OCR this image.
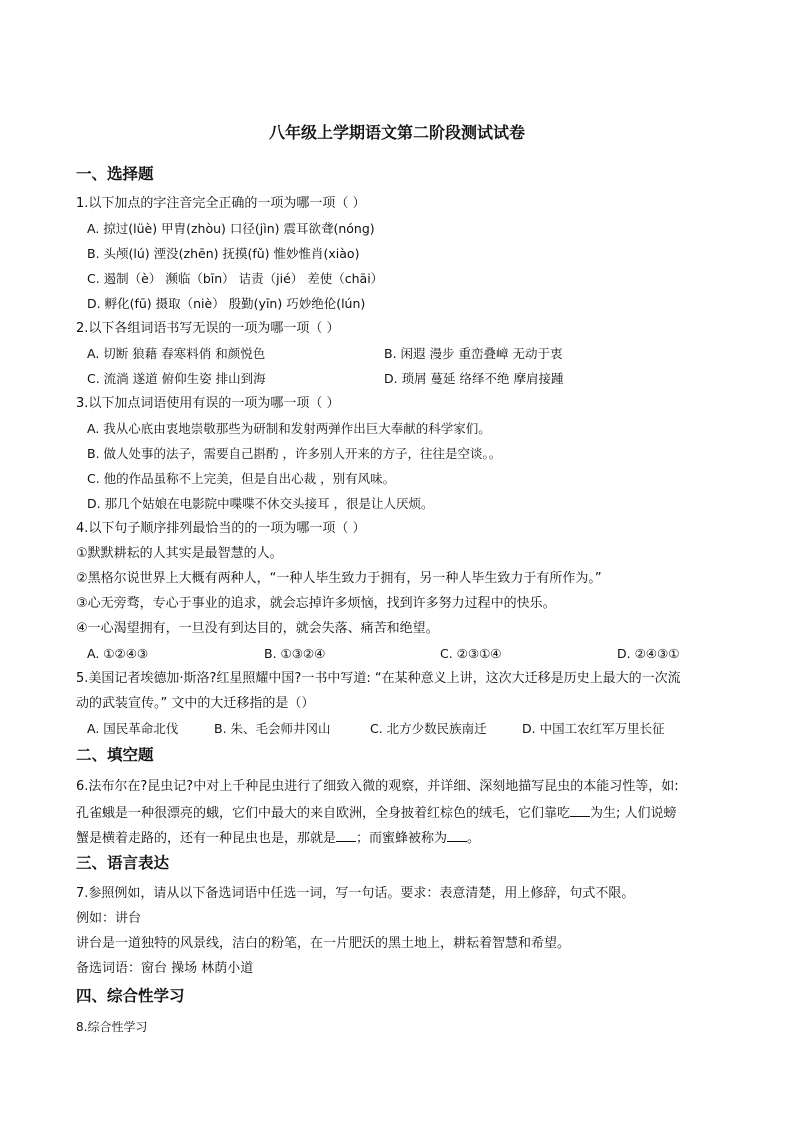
八年级上学期语文第二阶段测试试卷
一、选择题
1.以下加点的字注音完全正确的一项为哪一项（ ）
A. 掠过(lüè) 甲胄(zhòu) 口径(jìn) 震耳欲聋(nóng)
B. 头颅(lú) 湮没(zhēn) 抚摸(fǔ) 惟妙惟肖(xiào)
C. 遏制（è） 濒临（bīn） 诘责（jié） 差使（chāi）
D. 孵化(fū) 摄取（niè） 殷勤(yīn) 巧妙绝伦(lún)
2.以下各组词语书写无误的一项为哪一项（ ）
A. 切断 狼藉 春寒料俏 和颜悦色	B. 闲遐 漫步 重峦叠嶂 无动于衷
C. 流淌 遂道 俯仰生姿 排山到海	D. 琐屑 蔓延 络绎不绝 摩肩接踵
3.以下加点词语使用有误的一项为哪一项（ ）
A. 我从心底由衷地崇敬那些为研制和发射两弹作出巨大奉献的科学家们。
B. 做人处事的法子，需要自己斟酌 ，许多别人开来的方子，往往是空谈。。
C. 他的作品虽称不上完美，但是自出心裁 ，别有风味。
D. 那几个姑娘在电影院中喋喋不休交头接耳 ，很是让人厌烦。
4.以下句子顺序排列最恰当的的一项为哪一项（ ）
①默默耕耘的人其实是最智慧的人。
②黑格尔说世界上大概有两种人，“一种人毕生致力于拥有，另一种人毕生致力于有所作为。”
③心无旁骛，专心于事业的追求，就会忘掉许多烦恼，找到许多努力过程中的快乐。
④一心渴望拥有，一旦没有到达目的，就会失落、痛苦和绝望。
A. ①②④③	B. ①③②④	C. ②③①④	D. ②④③①
5.美国记者埃德加·斯洛?红星照耀中国?一书中写道: “在某种意义上讲，这次大迁移是历史上最大的一次流
动的武装宣传。” 文中的大迁移指的是（）
A. 国民革命北伐	B. 朱、毛会师井冈山	C. 北方少数民族南迁	D. 中国工农红军万里长征
二、填空题
6.法布尔在?昆虫记?中对上千种昆虫进行了细致入微的观察，并详细、深刻地描写昆虫的本能习性等，如:
孔雀蛾是一种很漂亮的蛾，它们中最大的来自欧洲，全身披着红棕色的绒毛，它们靠吃 为生; 人们说螃
蟹是横着走路的，还有一种昆虫也是，那就是 ；而蜜蜂被称为 。
三、语言表达
7.参照例如，请从以下备选词语中任选一词，写一句话。要求：表意清楚，用上修辞，句式不限。
例如：讲台
讲台是一道独特的风景线，洁白的粉笔，在一片肥沃的黑土地上，耕耘着智慧和希望。
备选词语：窗台 操场 林荫小道
四、综合性学习
8.综合性学习
